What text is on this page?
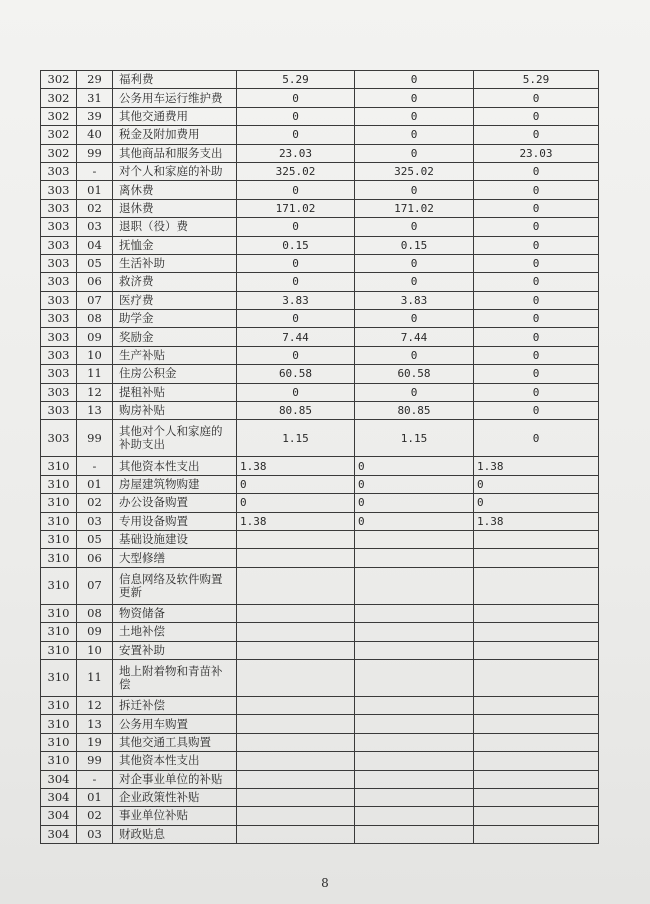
302	29	福利费	5.29	0	5.29
302	31	公务用车运行维护费	0	0	0
302	39	其他交通费用	0	0	0
302	40	税金及附加费用	0	0	0
302	99	其他商品和服务支出	23.03	0	23.03
303	-	对个人和家庭的补助	325.02	325.02	0
303	01	离休费	0	0	0
303	02	退休费	171.02	171.02	0
303	03	退职（役）费	0	0	0
303	04	抚恤金	0.15	0.15	0
303	05	生活补助	0	0	0
303	06	救济费	0	0	0
303	07	医疗费	3.83	3.83	0
303	08	助学金	0	0	0
303	09	奖励金	7.44	7.44	0
303	10	生产补贴	0	0	0
303	11	住房公积金	60.58	60.58	0
303	12	提租补贴	0	0	0
303	13	购房补贴	80.85	80.85	0
303	99	其他对个人和家庭的补助支出	1.15	1.15	0
310	-	其他资本性支出	1.38	0	1.38
310	01	房屋建筑物购建	0	0	0
310	02	办公设备购置	0	0	0
310	03	专用设备购置	1.38	0	1.38
310	05	基础设施建设			
310	06	大型修缮			
310	07	信息网络及软件购置更新			
310	08	物资储备			
310	09	土地补偿			
310	10	安置补助			
310	11	地上附着物和青苗补偿			
310	12	拆迁补偿			
310	13	公务用车购置			
310	19	其他交通工具购置			
310	99	其他资本性支出			
304	-	对企事业单位的补贴			
304	01	企业政策性补贴			
304	02	事业单位补贴			
304	03	财政贴息			
8
